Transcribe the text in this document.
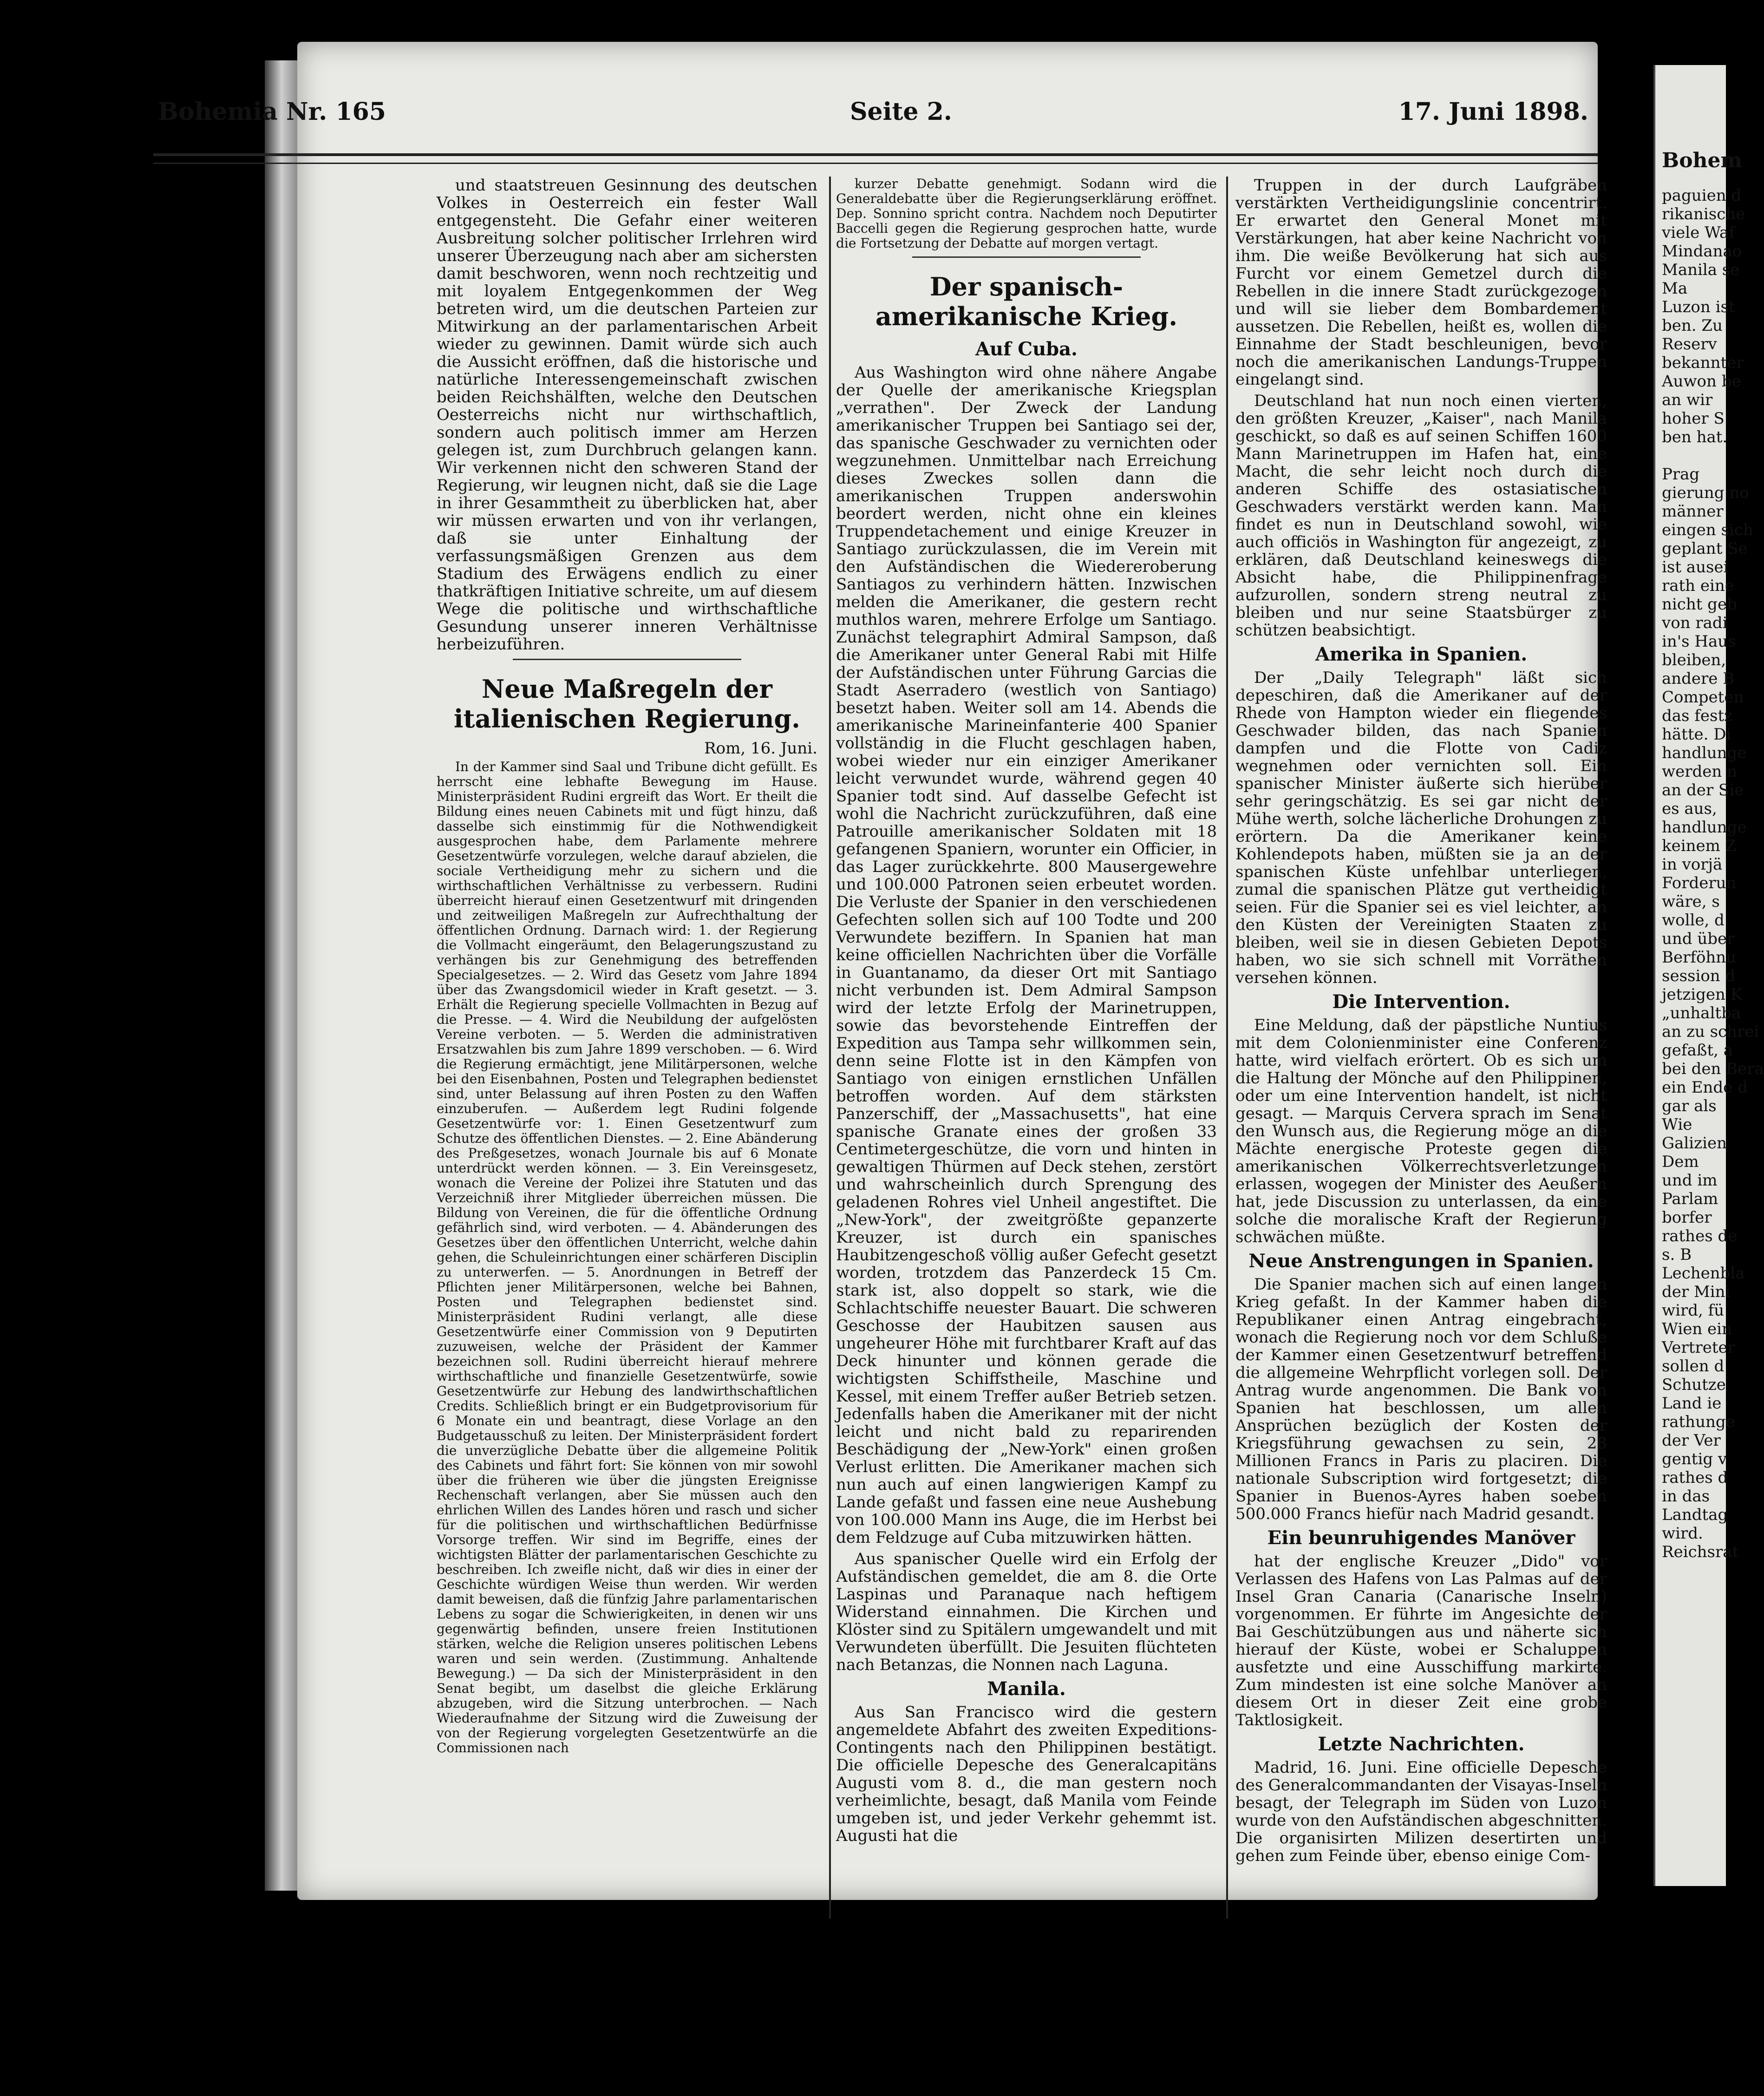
Bohemia Nr. 165	Seite 2.	17. Juni 1898.

und staatstreuen Gesinnung des deutschen Volkes in Oesterreich ein fester Wall entgegensteht. Die Gefahr einer weiteren Ausbreitung solcher politischer Irrlehren wird unserer Überzeugung nach aber am sichersten damit beschworen, wenn noch rechtzeitig und mit loyalem Entgegenkommen der Weg betreten wird, um die deutschen Parteien zur Mitwirkung an der parlamentarischen Arbeit wieder zu gewinnen. Damit würde sich auch die Aussicht eröffnen, daß die historische und natürliche Interessengemeinschaft zwischen beiden Reichshälften, welche den Deutschen Oesterreichs nicht nur wirthschaftlich, sondern auch politisch immer am Herzen gelegen ist, zum Durchbruch gelangen kann. Wir verkennen nicht den schweren Stand der Regierung, wir leugnen nicht, daß sie die Lage in ihrer Gesammtheit zu überblicken hat, aber wir müssen erwarten und von ihr verlangen, daß sie unter Einhaltung der verfassungsmäßigen Grenzen aus dem Stadium des Erwägens endlich zu einer thatkräftigen Initiative schreite, um auf diesem Wege die politische und wirthschaftliche Gesundung unserer inneren Verhältnisse herbeizuführen.

Neue Maßregeln der italienischen Regierung.

Rom, 16. Juni.

In der Kammer sind Saal und Tribune dicht gefüllt. Es herrscht eine lebhafte Bewegung im Hause. Ministerpräsident Rudini ergreift das Wort. Er theilt die Bildung eines neuen Cabinets mit und fügt hinzu, daß dasselbe sich einstimmig für die Nothwendigkeit ausgesprochen habe, dem Parlamente mehrere Gesetzentwürfe vorzulegen, welche darauf abzielen, die sociale Vertheidigung mehr zu sichern und die wirthschaftlichen Verhältnisse zu verbessern. Rudini überreicht hierauf einen Gesetzentwurf mit dringenden und zeitweiligen Maßregeln zur Aufrechthaltung der öffentlichen Ordnung. Darnach wird: 1. der Regierung die Vollmacht eingeräumt, den Belagerungszustand zu verhängen bis zur Genehmigung des betreffenden Specialgesetzes. — 2. Wird das Gesetz vom Jahre 1894 über das Zwangsdomicil wieder in Kraft gesetzt. — 3. Erhält die Regierung specielle Vollmachten in Bezug auf die Presse. — 4. Wird die Neubildung der aufgelösten Vereine verboten. — 5. Werden die administrativen Ersatzwahlen bis zum Jahre 1899 verschoben. — 6. Wird die Regierung ermächtigt, jene Militärpersonen, welche bei den Eisenbahnen, Posten und Telegraphen bedienstet sind, unter Belassung auf ihren Posten zu den Waffen einzuberufen. — Außerdem legt Rudini folgende Gesetzentwürfe vor: 1. Einen Gesetzentwurf zum Schutze des öffentlichen Dienstes. — 2. Eine Abänderung des Preßgesetzes, wonach Journale bis auf 6 Monate unterdrückt werden können. — 3. Ein Vereinsgesetz, wonach die Vereine der Polizei ihre Statuten und das Verzeichniß ihrer Mitglieder überreichen müssen. Die Bildung von Vereinen, die für die öffentliche Ordnung gefährlich sind, wird verboten. — 4. Abänderungen des Gesetzes über den öffentlichen Unterricht, welche dahin gehen, die Schuleinrichtungen einer schärferen Disciplin zu unterwerfen. — 5. Anordnungen in Betreff der Pflichten jener Militärpersonen, welche bei Bahnen, Posten und Telegraphen bedienstet sind. Ministerpräsident Rudini verlangt, alle diese Gesetzentwürfe einer Commission von 9 Deputirten zuzuweisen, welche der Präsident der Kammer bezeichnen soll. Rudini überreicht hierauf mehrere wirthschaftliche und finanzielle Gesetzentwürfe, sowie Gesetzentwürfe zur Hebung des landwirthschaftlichen Credits. Schließlich bringt er ein Budgetprovisorium für 6 Monate ein und beantragt, diese Vorlage an den Budgetausschuß zu leiten. Der Ministerpräsident fordert die unverzügliche Debatte über die allgemeine Politik des Cabinets und fährt fort: Sie können von mir sowohl über die früheren wie über die jüngsten Ereignisse Rechenschaft verlangen, aber Sie müssen auch den ehrlichen Willen des Landes hören und rasch und sicher für die politischen und wirthschaftlichen Bedürfnisse Vorsorge treffen. Wir sind im Begriffe, eines der wichtigsten Blätter der parlamentarischen Geschichte zu beschreiben. Ich zweifle nicht, daß wir dies in einer der Geschichte würdigen Weise thun werden. Wir werden damit beweisen, daß die fünfzig Jahre parlamentarischen Lebens zu sogar die Schwierigkeiten, in denen wir uns gegenwärtig befinden, unsere freien Institutionen stärken, welche die Religion unseres politischen Lebens waren und sein werden. (Zustimmung. Anhaltende Bewegung.) — Da sich der Ministerpräsident in den Senat begibt, um daselbst die gleiche Erklärung abzugeben, wird die Sitzung unterbrochen. — Nach Wiederaufnahme der Sitzung wird die Zuweisung der von der Regierung vorgelegten Gesetzentwürfe an die Commissionen nach

kurzer Debatte genehmigt. Sodann wird die Generaldebatte über die Regierungserklärung eröffnet. Dep. Sonnino spricht contra. Nachdem noch Deputirter Baccelli gegen die Regierung gesprochen hatte, wurde die Fortsetzung der Debatte auf morgen vertagt.

Der spanisch-amerikanische Krieg.
Auf Cuba.

Aus Washington wird ohne nähere Angabe der Quelle der amerikanische Kriegsplan „verrathen". Der Zweck der Landung amerikanischer Truppen bei Santiago sei der, das spanische Geschwader zu vernichten oder wegzunehmen. Unmittelbar nach Erreichung dieses Zweckes sollen dann die amerikanischen Truppen anderswohin beordert werden, nicht ohne ein kleines Truppendetachement und einige Kreuzer in Santiago zurückzulassen, die im Verein mit den Aufständischen die Wiedereroberung Santiagos zu verhindern hätten. Inzwischen melden die Amerikaner, die gestern recht muthlos waren, mehrere Erfolge um Santiago. Zunächst telegraphirt Admiral Sampson, daß die Amerikaner unter General Rabi mit Hilfe der Aufständischen unter Führung Garcias die Stadt Aserradero (westlich von Santiago) besetzt haben. Weiter soll am 14. Abends die amerikanische Marineinfanterie 400 Spanier vollständig in die Flucht geschlagen haben, wobei wieder nur ein einziger Amerikaner leicht verwundet wurde, während gegen 40 Spanier todt sind. Auf dasselbe Gefecht ist wohl die Nachricht zurückzuführen, daß eine Patrouille amerikanischer Soldaten mit 18 gefangenen Spaniern, worunter ein Officier, in das Lager zurückkehrte. 800 Mausergewehre und 100.000 Patronen seien erbeutet worden. Die Verluste der Spanier in den verschiedenen Gefechten sollen sich auf 100 Todte und 200 Verwundete beziffern. In Spanien hat man keine officiellen Nachrichten über die Vorfälle in Guantanamo, da dieser Ort mit Santiago nicht verbunden ist. Dem Admiral Sampson wird der letzte Erfolg der Marinetruppen, sowie das bevorstehende Eintreffen der Expedition aus Tampa sehr willkommen sein, denn seine Flotte ist in den Kämpfen von Santiago von einigen ernstlichen Unfällen betroffen worden. Auf dem stärksten Panzerschiff, der „Massachusetts", hat eine spanische Granate eines der großen 33 Centimetergeschütze, die vorn und hinten in gewaltigen Thürmen auf Deck stehen, zerstört und wahrscheinlich durch Sprengung des geladenen Rohres viel Unheil angestiftet. Die „New-York", der zweitgrößte gepanzerte Kreuzer, ist durch ein spanisches Haubitzengeschoß völlig außer Gefecht gesetzt worden, trotzdem das Panzerdeck 15 Cm. stark ist, also doppelt so stark, wie die Schlachtschiffe neuester Bauart. Die schweren Geschosse der Haubitzen sausen aus ungeheurer Höhe mit furchtbarer Kraft auf das Deck hinunter und können gerade die wichtigsten Schiffstheile, Maschine und Kessel, mit einem Treffer außer Betrieb setzen. Jedenfalls haben die Amerikaner mit der nicht leicht und nicht bald zu reparirenden Beschädigung der „New-York" einen großen Verlust erlitten. Die Amerikaner machen sich nun auch auf einen langwierigen Kampf zu Lande gefaßt und fassen eine neue Aushebung von 100.000 Mann ins Auge, die im Herbst bei dem Feldzuge auf Cuba mitzuwirken hätten.

Aus spanischer Quelle wird ein Erfolg der Aufständischen gemeldet, die am 8. die Orte Laspinas und Paranaque nach heftigem Widerstand einnahmen. Die Kirchen und Klöster sind zu Spitälern umgewandelt und mit Verwundeten überfüllt. Die Jesuiten flüchteten nach Betanzas, die Nonnen nach Laguna.

Manila.

Aus San Francisco wird die gestern angemeldete Abfahrt des zweiten Expeditions-Contingents nach den Philippinen bestätigt. Die officielle Depesche des Generalcapitäns Augusti vom 8. d., die man gestern noch verheimlichte, besagt, daß Manila vom Feinde umgeben ist, und jeder Verkehr gehemmt ist. Augusti hat die

Truppen in der durch Laufgräben verstärkten Vertheidigungslinie concentrirt. Er erwartet den General Monet mit Verstärkungen, hat aber keine Nachricht von ihm. Die weiße Bevölkerung hat sich aus Furcht vor einem Gemetzel durch die Rebellen in die innere Stadt zurückgezogen und will sie lieber dem Bombardement aussetzen. Die Rebellen, heißt es, wollen die Einnahme der Stadt beschleunigen, bevor noch die amerikanischen Landungs-Truppen eingelangt sind.

Deutschland hat nun noch einen vierten, den größten Kreuzer, „Kaiser", nach Manila geschickt, so daß es auf seinen Schiffen 1600 Mann Marinetruppen im Hafen hat, eine Macht, die sehr leicht noch durch die anderen Schiffe des ostasiatischen Geschwaders verstärkt werden kann. Man findet es nun in Deutschland sowohl, wie auch officiös in Washington für angezeigt, zu erklären, daß Deutschland keineswegs die Absicht habe, die Philippinenfrage aufzurollen, sondern streng neutral zu bleiben und nur seine Staatsbürger zu schützen beabsichtigt.

Amerika in Spanien.

Der „Daily Telegraph" läßt sich depeschiren, daß die Amerikaner auf der Rhede von Hampton wieder ein fliegendes Geschwader bilden, das nach Spanien dampfen und die Flotte von Cadiz wegnehmen oder vernichten soll. Ein spanischer Minister äußerte sich hierüber sehr geringschätzig. Es sei gar nicht der Mühe werth, solche lächerliche Drohungen zu erörtern. Da die Amerikaner keine Kohlendepots haben, müßten sie ja an der spanischen Küste unfehlbar unterliegen, zumal die spanischen Plätze gut vertheidigt seien. Für die Spanier sei es viel leichter, an den Küsten der Vereinigten Staaten zu bleiben, weil sie in diesen Gebieten Depots haben, wo sie sich schnell mit Vorräthen versehen können.

Die Intervention.

Eine Meldung, daß der päpstliche Nuntius mit dem Colonienminister eine Conferenz hatte, wird vielfach erörtert. Ob es sich um die Haltung der Mönche auf den Philippinen, oder um eine Intervention handelt, ist nicht gesagt. — Marquis Cervera sprach im Senat den Wunsch aus, die Regierung möge an die Mächte energische Proteste gegen die amerikanischen Völkerrechtsverletzungen erlassen, wogegen der Minister des Aeußern hat, jede Discussion zu unterlassen, da eine solche die moralische Kraft der Regierung schwächen müßte.

Neue Anstrengungen in Spanien.

Die Spanier machen sich auf einen langen Krieg gefaßt. In der Kammer haben die Republikaner einen Antrag eingebracht, wonach die Regierung noch vor dem Schluße der Kammer einen Gesetzentwurf betreffend die allgemeine Wehrpflicht vorlegen soll. Der Antrag wurde angenommen. Die Bank von Spanien hat beschlossen, um allen Ansprüchen bezüglich der Kosten der Kriegsführung gewachsen zu sein, 28 Millionen Francs in Paris zu placiren. Die nationale Subscription wird fortgesetzt; die Spanier in Buenos-Ayres haben soeben 500.000 Francs hiefür nach Madrid gesandt.

Ein beunruhigendes Manöver

hat der englische Kreuzer „Dido" vor Verlassen des Hafens von Las Palmas auf der Insel Gran Canaria (Canarische Inseln) vorgenommen. Er führte im Angesichte der Bai Geschützübungen aus und näherte sich hierauf der Küste, wobei er Schaluppen ausfetzte und eine Ausschiffung markirte. Zum mindesten ist eine solche Manöver an diesem Ort in dieser Zeit eine grobe Taktlosigkeit.

Letzte Nachrichten.

Madrid, 16. Juni. Eine officielle Depesche des Generalcommandanten der Visayas-Inseln besagt, der Telegraph im Süden von Luzon wurde von den Aufständischen abgeschnitten. Die organisirten Milizen desertirten und gehen zum Feinde über, ebenso einige Com-

Bohem
paguien d
rikanische
viele Waf
Mindanao
Manila se
Ma
Luzon ist
ben. Zu
Reserv
bekannter
Auwon be
an wir
hoher S
ben hat.

Prag
gierung no
männer
eingen sich
geplant Se
ist ausei
rath eine
nicht geb
von radi
in's Haus
bleiben,
andere B
Competen
das festz
hätte. Di
handlunge
werden n
an der Sie
es aus,
handlunge
keinem Z
in vorjä
Forderun
wäre, s
wolle, d
und über
Berföhnu
session d
jetzigen K
„unhaltba
an zu schrei
gefaßt, a
bei den Bera
ein Ende d
gar als
Wie
Galizien
Dem
und im
Parlam
borfer
rathes de
s. B
Lechenbla
der Mini
wird, fü
Wien ein
Vertreter
sollen d
Schutze
Land ie
rathunge
der Ver
gentig v
rathes d
in das
Landtag
wird.
Reichsrat
